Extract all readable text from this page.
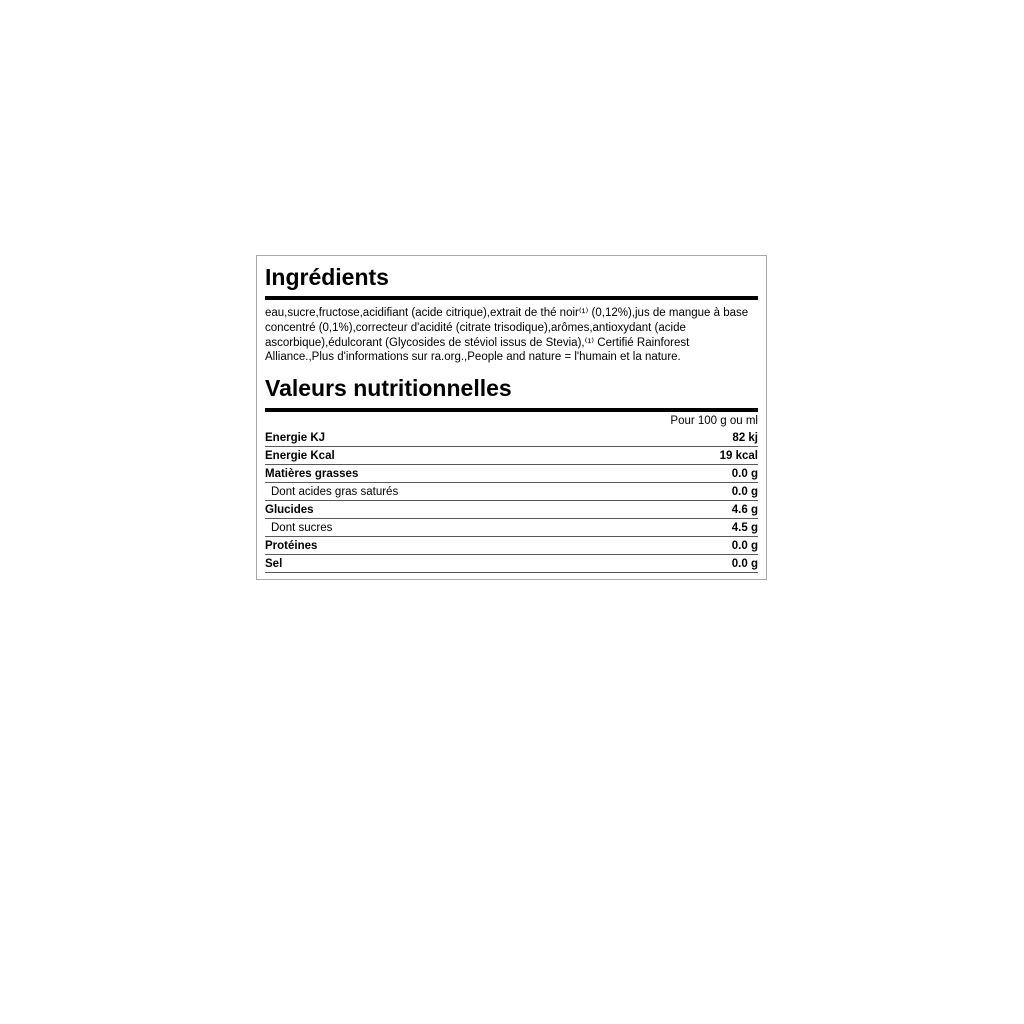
Ingrédients

eau,sucre,fructose,acidifiant (acide citrique),extrait de thé noir⁽¹⁾ (0,12%),jus de mangue à base concentré (0,1%),correcteur d'acidité (citrate trisodique),arômes,antioxydant (acide ascorbique),édulcorant (Glycosides de stéviol issus de Stevia),⁽¹⁾ Certifié Rainforest Alliance.,Plus d'informations sur ra.org.,People and nature = l'humain et la nature.

Valeurs nutritionnelles
Pour 100 g ou ml
Energie KJ	82 kj
Energie Kcal	19 kcal
Matières grasses	0.0 g
Dont acides gras saturés	0.0 g
Glucides	4.6 g
Dont sucres	4.5 g
Protéines	0.0 g
Sel	0.0 g
